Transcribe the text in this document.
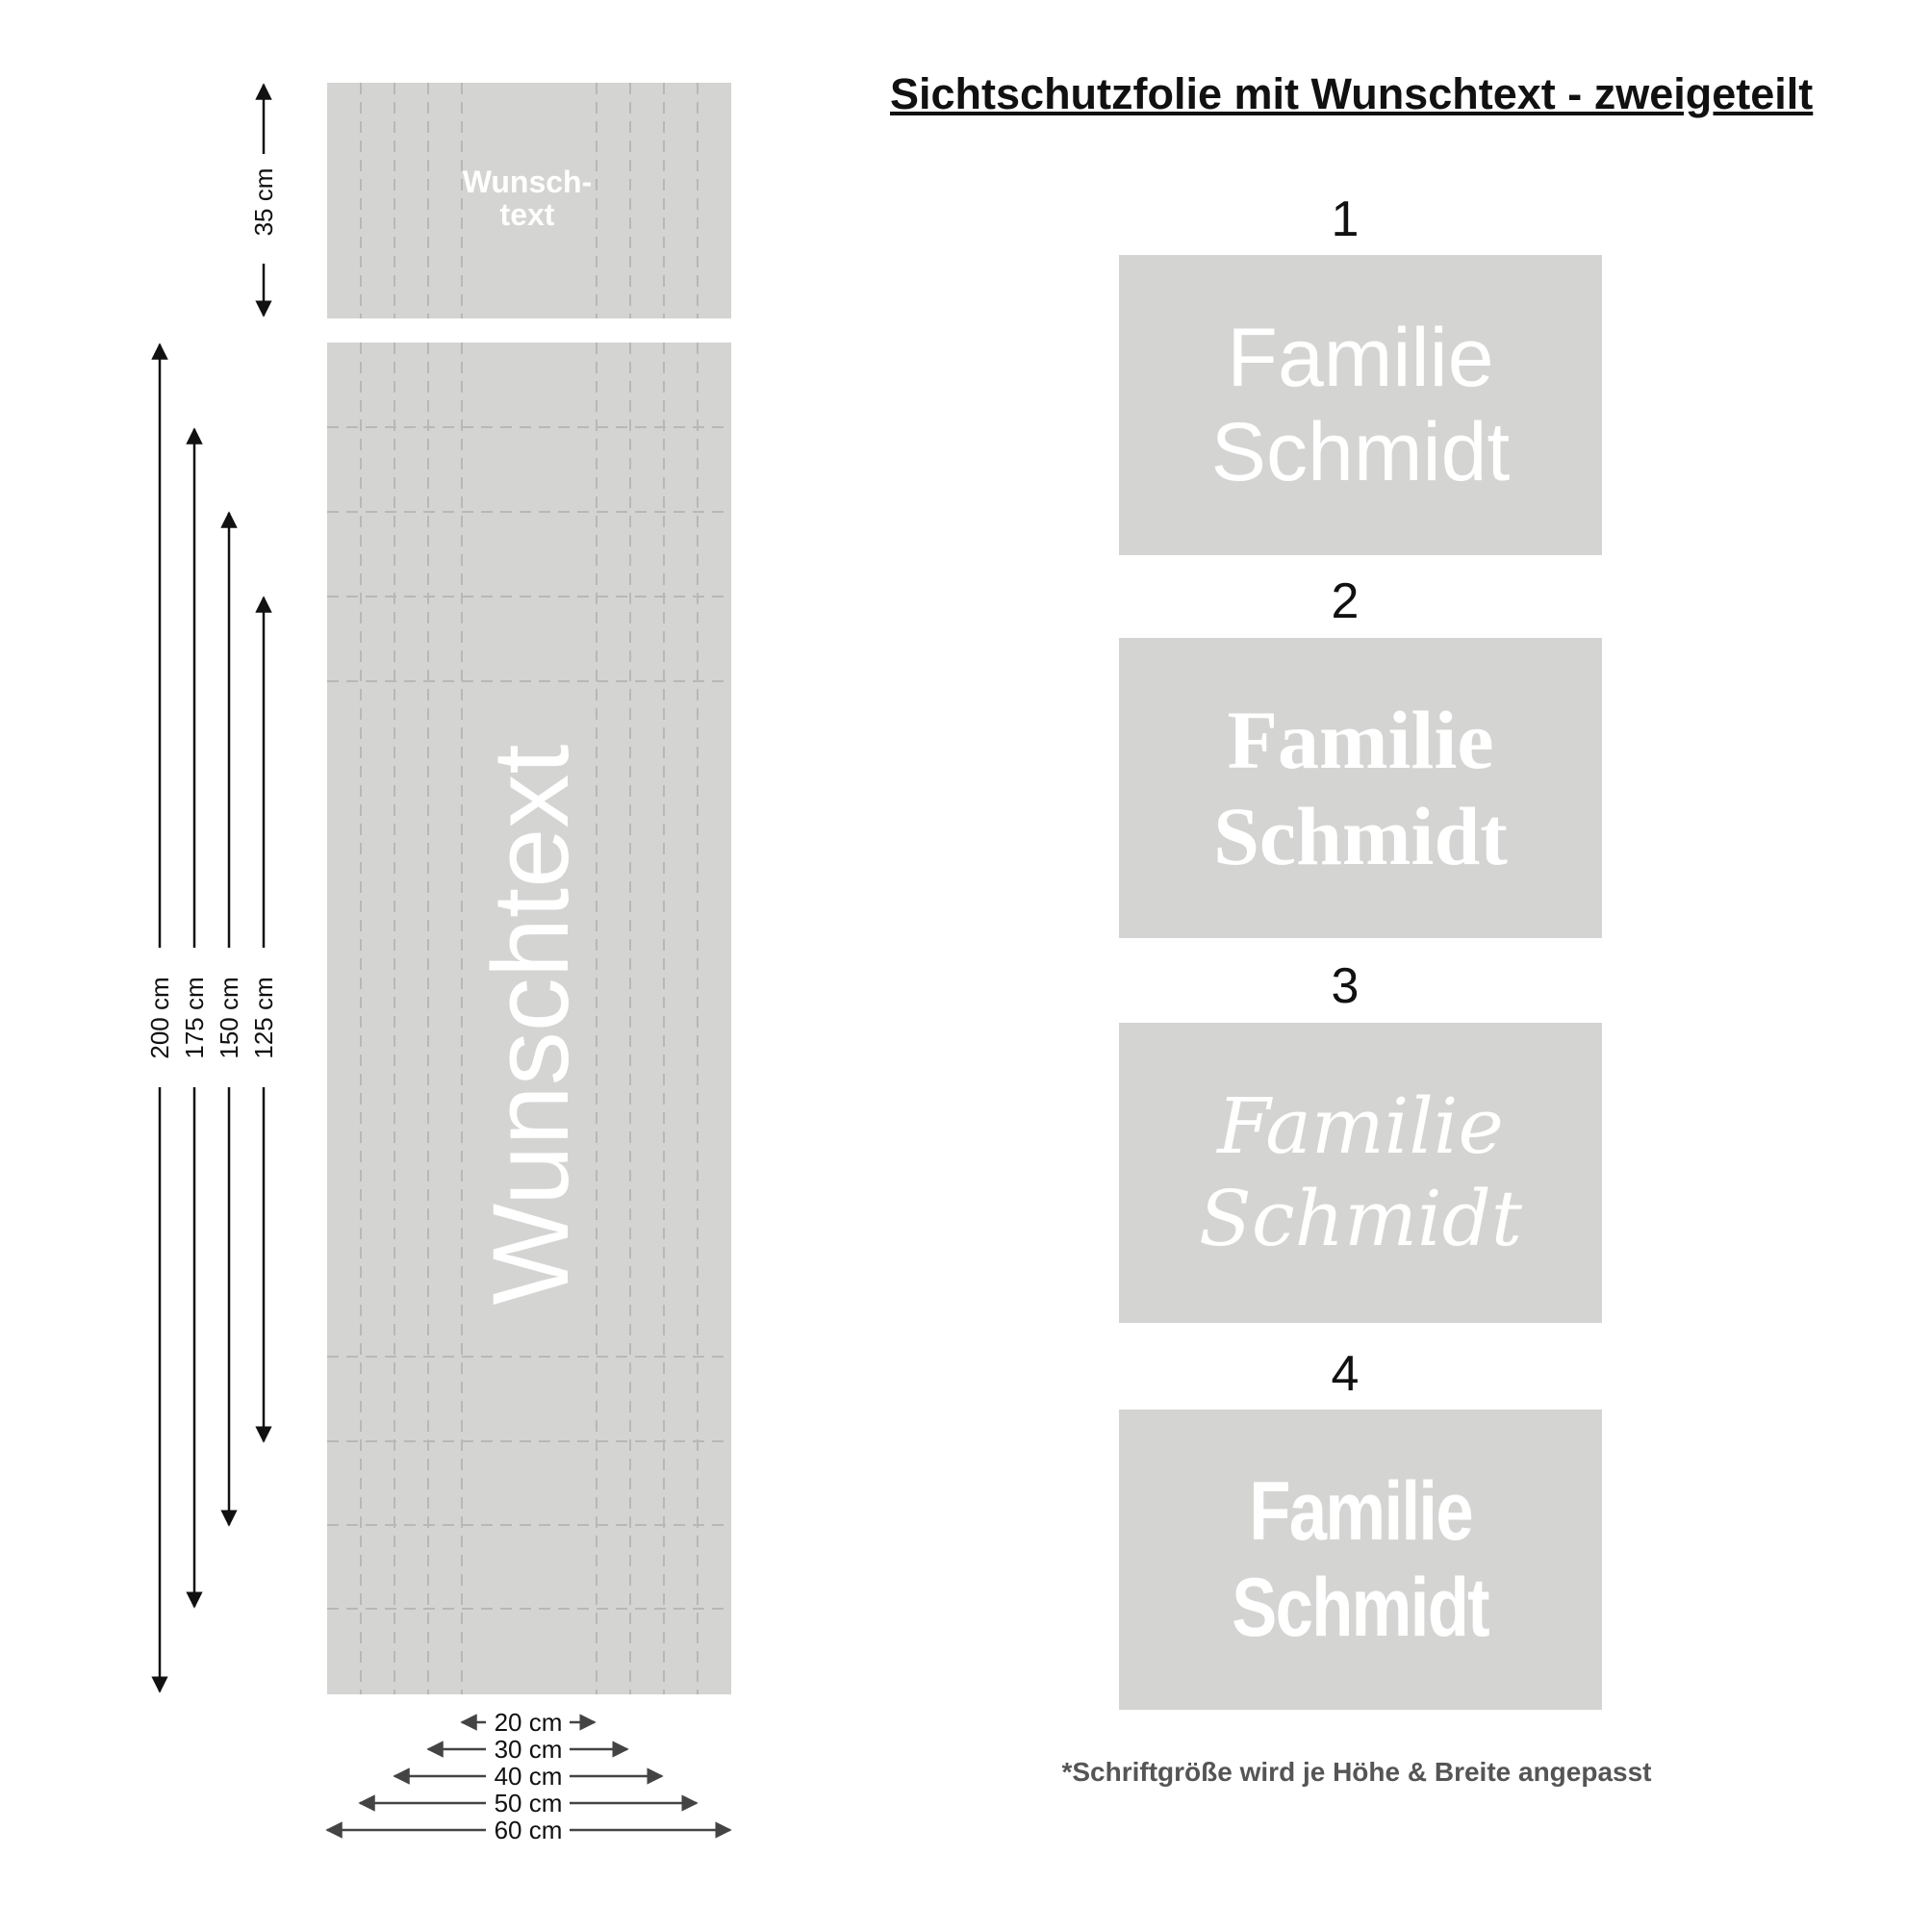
Wunsch-
text
Wunschtext
35 cm
200 cm 175 cm 150 cm 125 cm
20 cm
30 cm
40 cm
50 cm
60 cm
Sichtschutzfolie mit Wunschtext - zweigeteilt
1
Familie
Schmidt
2
Familie
Schmidt
3
Familie
Schmidt
4
Familie
Schmidt
*Schriftgröße wird je Höhe & Breite angepasst
